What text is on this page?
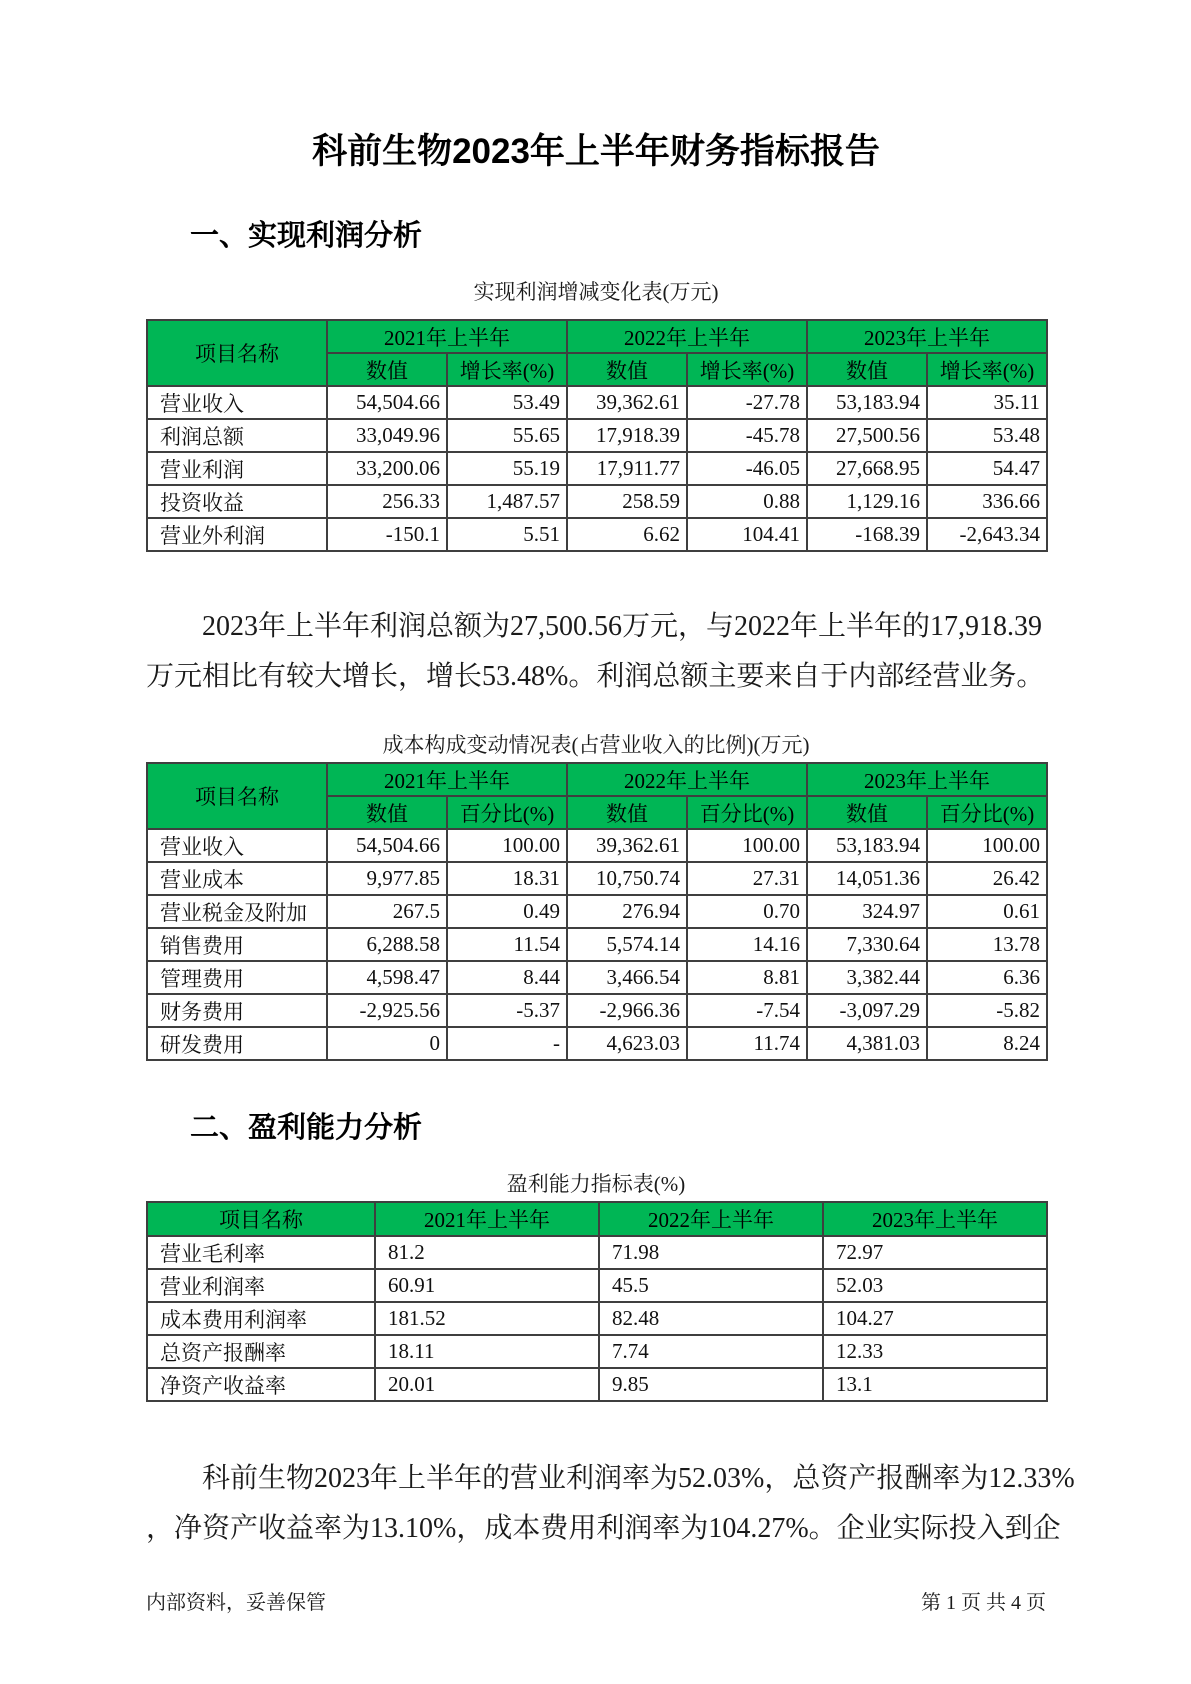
科前生物2023年上半年财务指标报告
一、实现利润分析
实现利润增减变化表(万元)
项目名称	2021年上半年		2022年上半年		2023年上半年	
	数值	增长率(%)	数值	增长率(%)	数值	增长率(%)
营业收入	54,504.66	53.49	39,362.61	-27.78	53,183.94	35.11
利润总额	33,049.96	55.65	17,918.39	-45.78	27,500.56	53.48
营业利润	33,200.06	55.19	17,911.77	-46.05	27,668.95	54.47
投资收益	256.33	1,487.57	258.59	0.88	1,129.16	336.66
营业外利润	-150.1	5.51	6.62	104.41	-168.39	-2,643.34
2023年上半年利润总额为27,500.56万元，与2022年上半年的17,918.39
万元相比有较大增长，增长53.48%。利润总额主要来自于内部经营业务。
成本构成变动情况表(占营业收入的比例)(万元)
项目名称	2021年上半年		2022年上半年		2023年上半年	
	数值	百分比(%)	数值	百分比(%)	数值	百分比(%)
营业收入	54,504.66	100.00	39,362.61	100.00	53,183.94	100.00
营业成本	9,977.85	18.31	10,750.74	27.31	14,051.36	26.42
营业税金及附加	267.5	0.49	276.94	0.70	324.97	0.61
销售费用	6,288.58	11.54	5,574.14	14.16	7,330.64	13.78
管理费用	4,598.47	8.44	3,466.54	8.81	3,382.44	6.36
财务费用	-2,925.56	-5.37	-2,966.36	-7.54	-3,097.29	-5.82
研发费用	0	-	4,623.03	11.74	4,381.03	8.24
二、盈利能力分析
盈利能力指标表(%)
项目名称	2021年上半年	2022年上半年	2023年上半年
营业毛利率	81.2	71.98	72.97
营业利润率	60.91	45.5	52.03
成本费用利润率	181.52	82.48	104.27
总资产报酬率	18.11	7.74	12.33
净资产收益率	20.01	9.85	13.1
科前生物2023年上半年的营业利润率为52.03%，总资产报酬率为12.33%
，净资产收益率为13.10%，成本费用利润率为104.27%。企业实际投入到企
内部资料，妥善保管	第 1 页 共 4 页
